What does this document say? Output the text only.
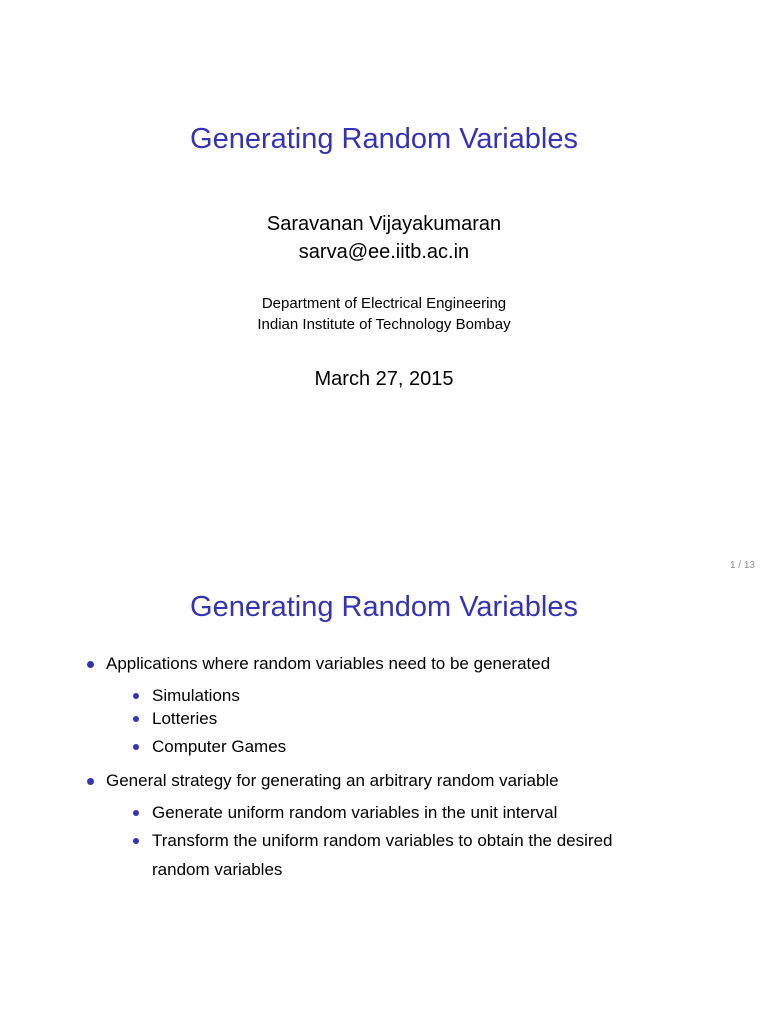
Generating Random Variables
Saravanan Vijayakumaran
sarva@ee.iitb.ac.in
Department of Electrical Engineering
Indian Institute of Technology Bombay
March 27, 2015
1 / 13
Generating Random Variables
Applications where random variables need to be generated
Simulations
Lotteries
Computer Games
General strategy for generating an arbitrary random variable
Generate uniform random variables in the unit interval
Transform the uniform random variables to obtain the desired
random variables
